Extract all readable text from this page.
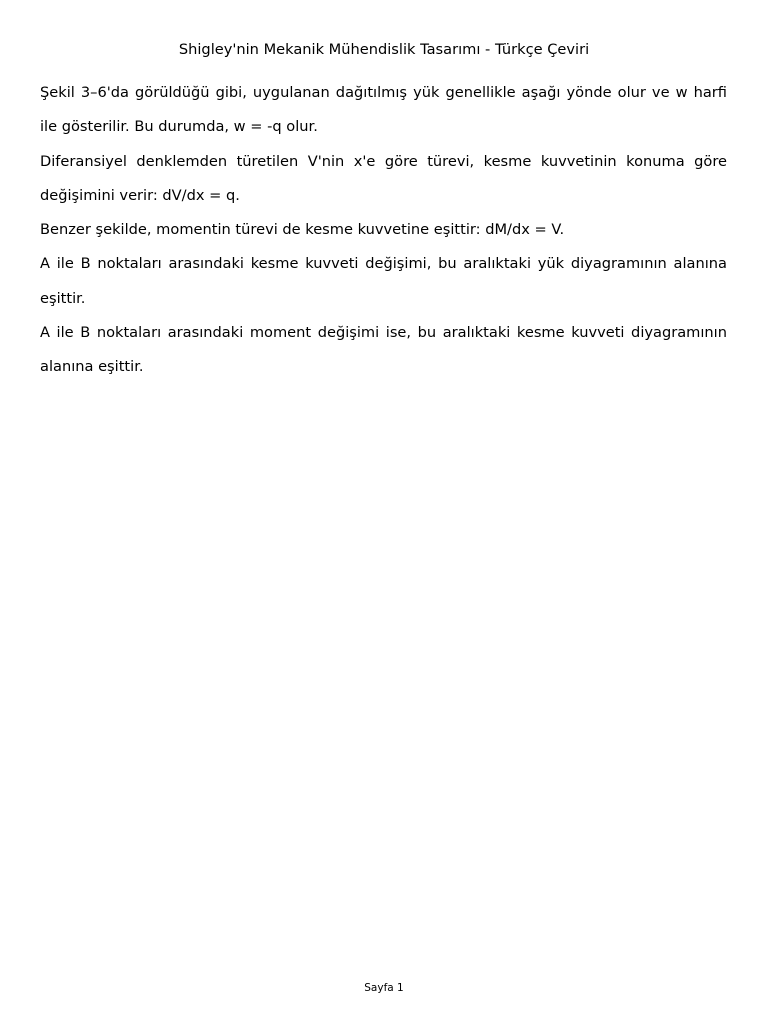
Shigley'nin Mekanik Mühendislik Tasarımı - Türkçe Çeviri

Şekil 3–6'da görüldüğü gibi, uygulanan dağıtılmış yük genellikle aşağı yönde olur ve w harfi ile gösterilir. Bu durumda, w = -q olur.

Diferansiyel denklemden türetilen V'nin x'e göre türevi, kesme kuvvetinin konuma göre değişimini verir: dV/dx = q.

Benzer şekilde, momentin türevi de kesme kuvvetine eşittir: dM/dx = V.

A ile B noktaları arasındaki kesme kuvveti değişimi, bu aralıktaki yük diyagramının alanına eşittir.

A ile B noktaları arasındaki moment değişimi ise, bu aralıktaki kesme kuvveti diyagramının alanına eşittir.

Sayfa 1
